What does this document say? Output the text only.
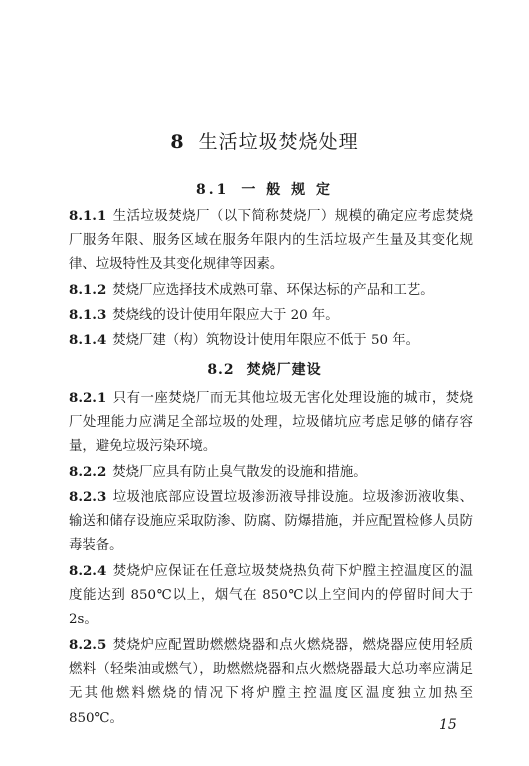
8 生活垃圾焚烧处理
8.1 一 般 规 定

8.1.1 生活垃圾焚烧厂（以下简称焚烧厂）规模的确定应考虑焚烧厂服务年限、服务区域在服务年限内的生活垃圾产生量及其变化规律、垃圾特性及其变化规律等因素。

8.1.2 焚烧厂应选择技术成熟可靠、环保达标的产品和工艺。

8.1.3 焚烧线的设计使用年限应大于 20 年。

8.1.4 焚烧厂建（构）筑物设计使用年限应不低于 50 年。

8.2 焚烧厂建设

8.2.1 只有一座焚烧厂而无其他垃圾无害化处理设施的城市，焚烧厂处理能力应满足全部垃圾的处理，垃圾储坑应考虑足够的储存容量，避免垃圾污染环境。

8.2.2 焚烧厂应具有防止臭气散发的设施和措施。

8.2.3 垃圾池底部应设置垃圾渗沥液导排设施。垃圾渗沥液收集、输送和储存设施应采取防渗、防腐、防爆措施，并应配置检修人员防毒装备。

8.2.4 焚烧炉应保证在任意垃圾焚烧热负荷下炉膛主控温度区的温度能达到 850℃以上，烟气在 850℃以上空间内的停留时间大于 2s。

8.2.5 焚烧炉应配置助燃燃烧器和点火燃烧器，燃烧器应使用轻质燃料（轻柴油或燃气），助燃燃烧器和点火燃烧器最大总功率应满足无其他燃料燃烧的情况下将炉膛主控温度区温度独立加热至 850℃。	15
